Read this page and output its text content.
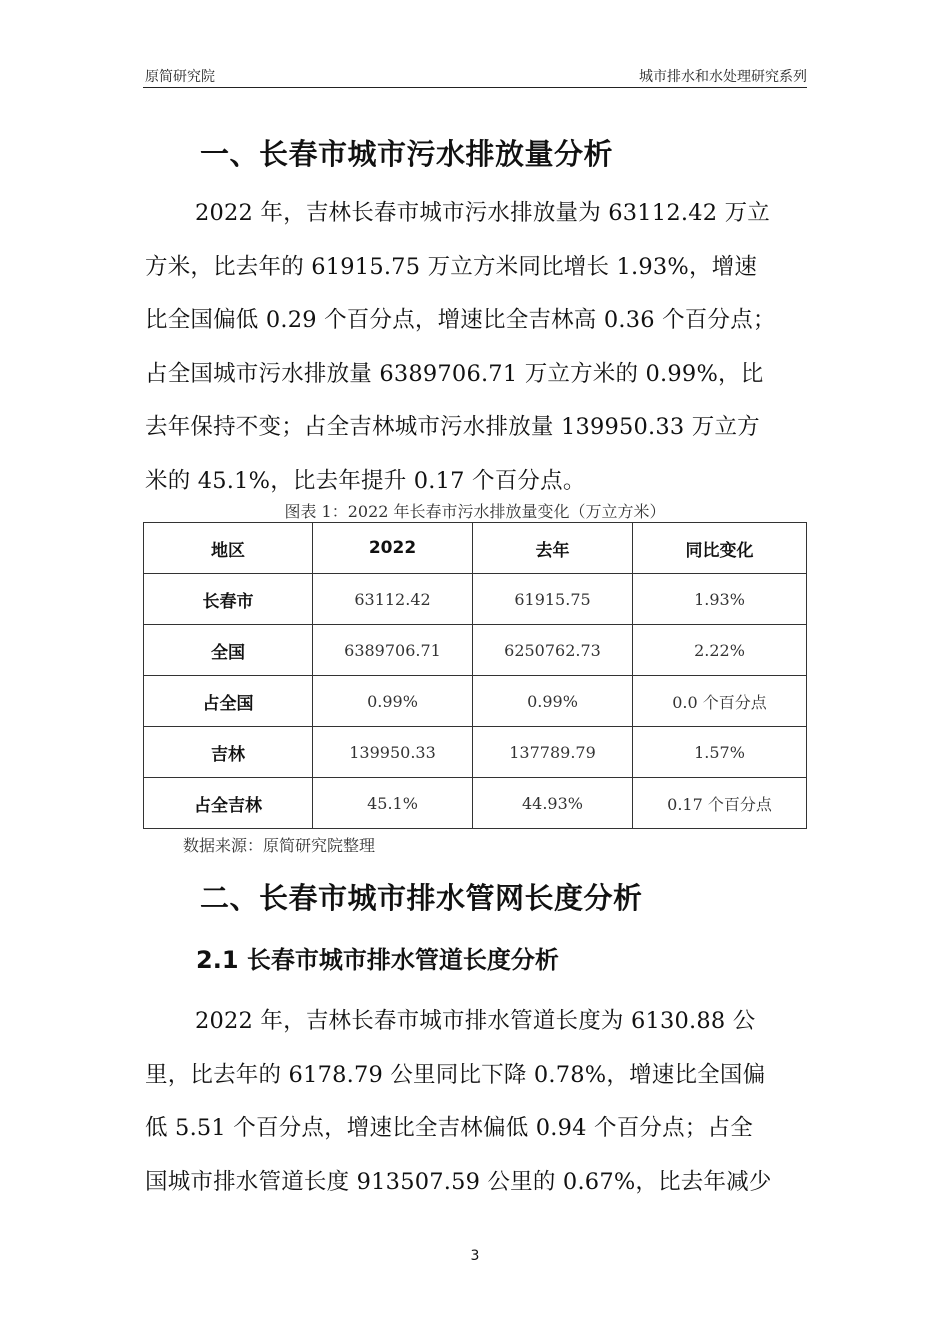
原简研究院	城市排水和水处理研究系列
一、长春市城市污水排放量分析
2022 年，吉林长春市城市污水排放量为 63112.42 万立
方米，比去年的 61915.75 万立方米同比增长 1.93%，增速
比全国偏低 0.29 个百分点，增速比全吉林高 0.36 个百分点；
占全国城市污水排放量 6389706.71 万立方米的 0.99%，比
去年保持不变；占全吉林城市污水排放量 139950.33 万立方
米的 45.1%，比去年提升 0.17 个百分点。
图表 1：2022 年长春市污水排放量变化（万立方米）
地区	2022	去年	同比变化
长春市	63112.42	61915.75	1.93%
全国	6389706.71	6250762.73	2.22%
占全国	0.99%	0.99%	0.0 个百分点
吉林	139950.33	137789.79	1.57%
占全吉林	45.1%	44.93%	0.17 个百分点
数据来源：原简研究院整理
二、长春市城市排水管网长度分析
2.1 长春市城市排水管道长度分析
2022 年，吉林长春市城市排水管道长度为 6130.88 公
里，比去年的 6178.79 公里同比下降 0.78%，增速比全国偏
低 5.51 个百分点，增速比全吉林偏低 0.94 个百分点；占全
国城市排水管道长度 913507.59 公里的 0.67%，比去年减少
3
